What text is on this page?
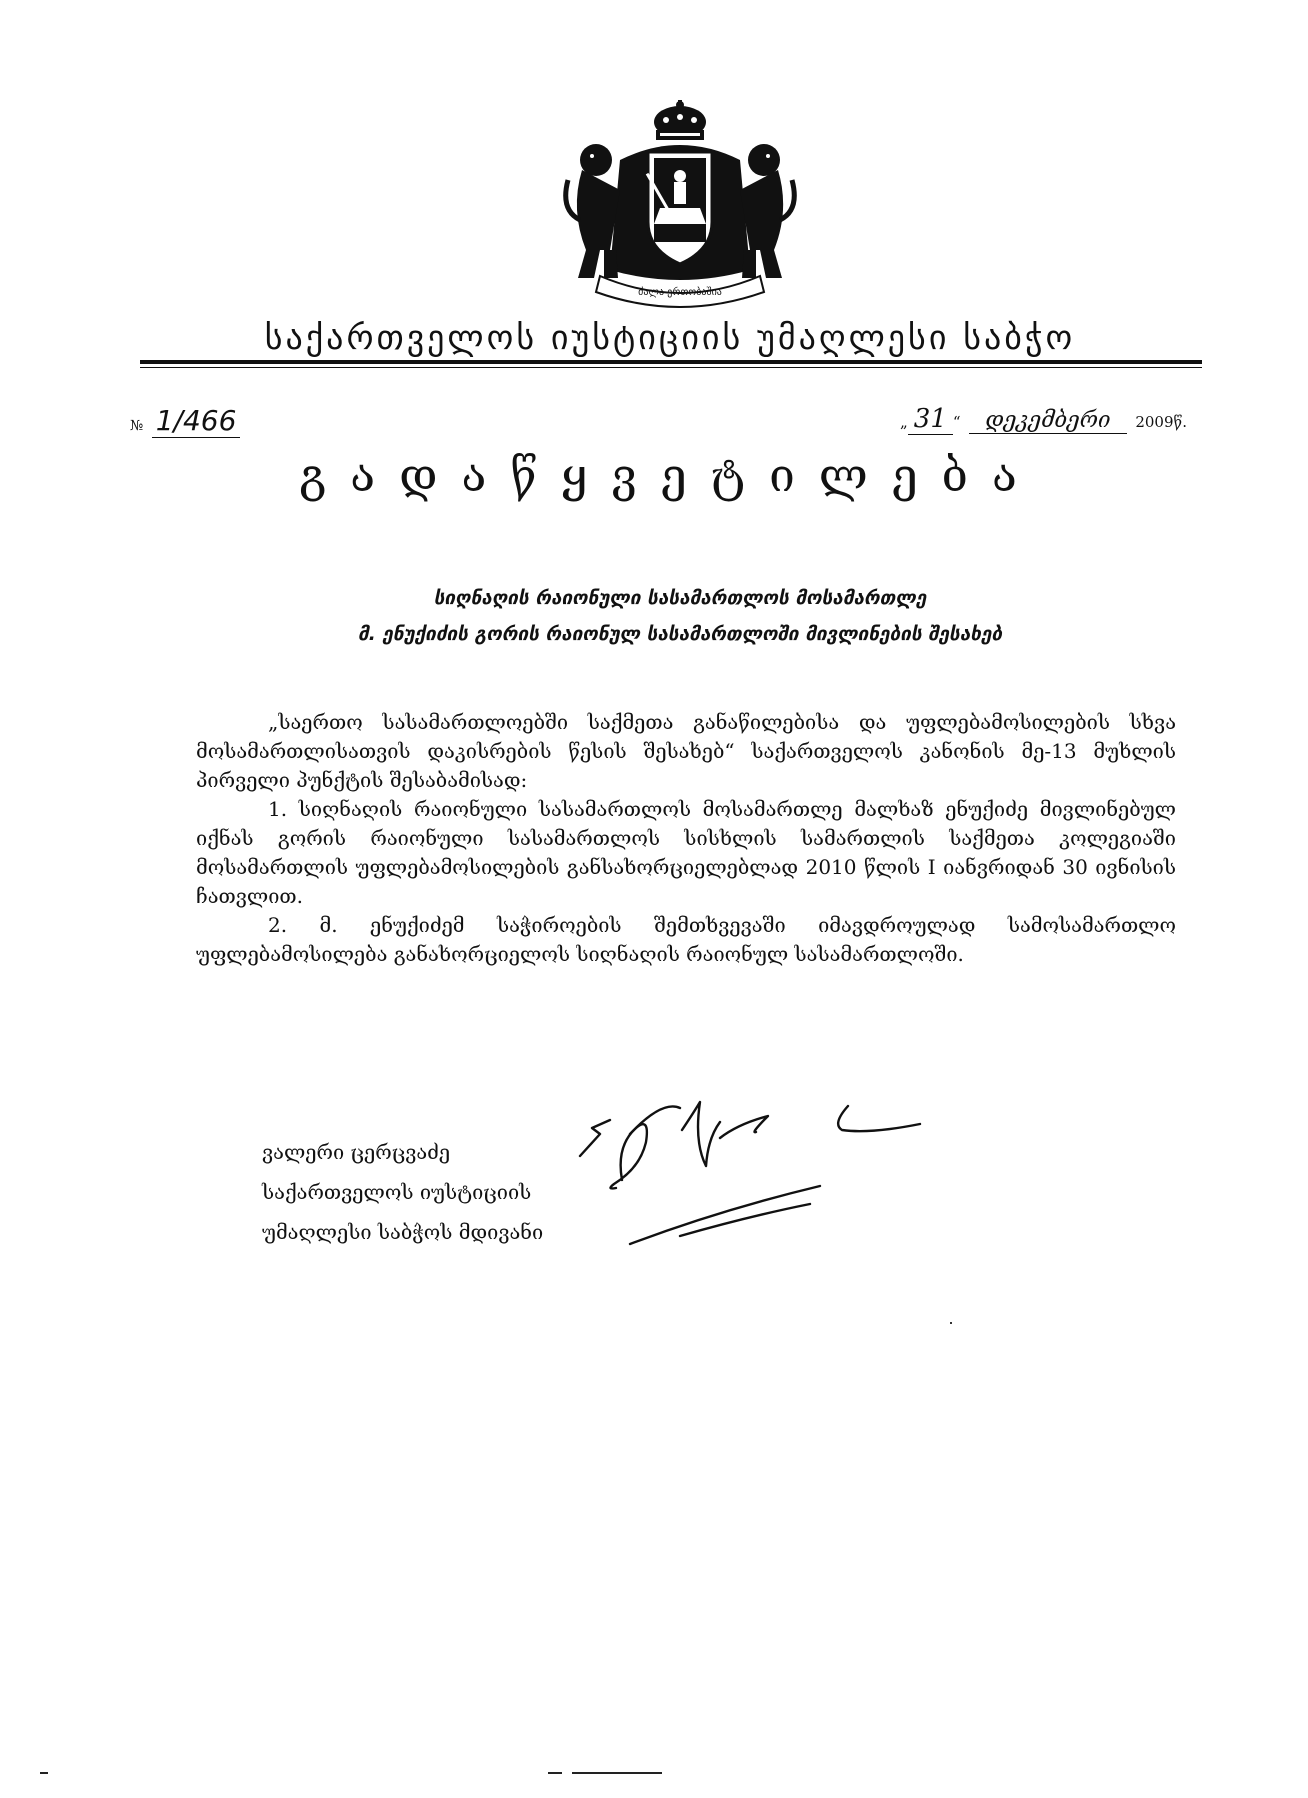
ძალა ერთობაშია
საქართველოს იუსტიციის უმაღლესი საბჭო
№ 1/466	„ 31 “ დეკემბერი 2009წ.
გადაწყვეტილება
სიღნაღის რაიონული სასამართლოს მოსამართლე
მ. ენუქიძის გორის რაიონულ სასამართლოში მივლინების შესახებ

„საერთო სასამართლოებში საქმეთა განაწილებისა და უფლებამოსილების სხვა მოსამართლისათვის დაკისრების წესის შესახებ“ საქართველოს კანონის მე-13 მუხლის პირველი პუნქტის შესაბამისად:

1. სიღნაღის რაიონული სასამართლოს მოსამართლე მალხაზ ენუქიძე მივლინებულ იქნას გორის რაიონული სასამართლოს სისხლის სამართლის საქმეთა კოლეგიაში მოსამართლის უფლებამოსილების განსახორციელებლად 2010 წლის I იანვრიდან 30 ივნისის ჩათვლით.

2. მ. ენუქიძემ საჭიროების შემთხვევაში იმავდროულად სამოსამართლო უფლებამოსილება განახორციელოს სიღნაღის რაიონულ სასამართლოში.

ვალერი ცერცვაძე
საქართველოს იუსტიციის
უმაღლესი საბჭოს მდივანი
